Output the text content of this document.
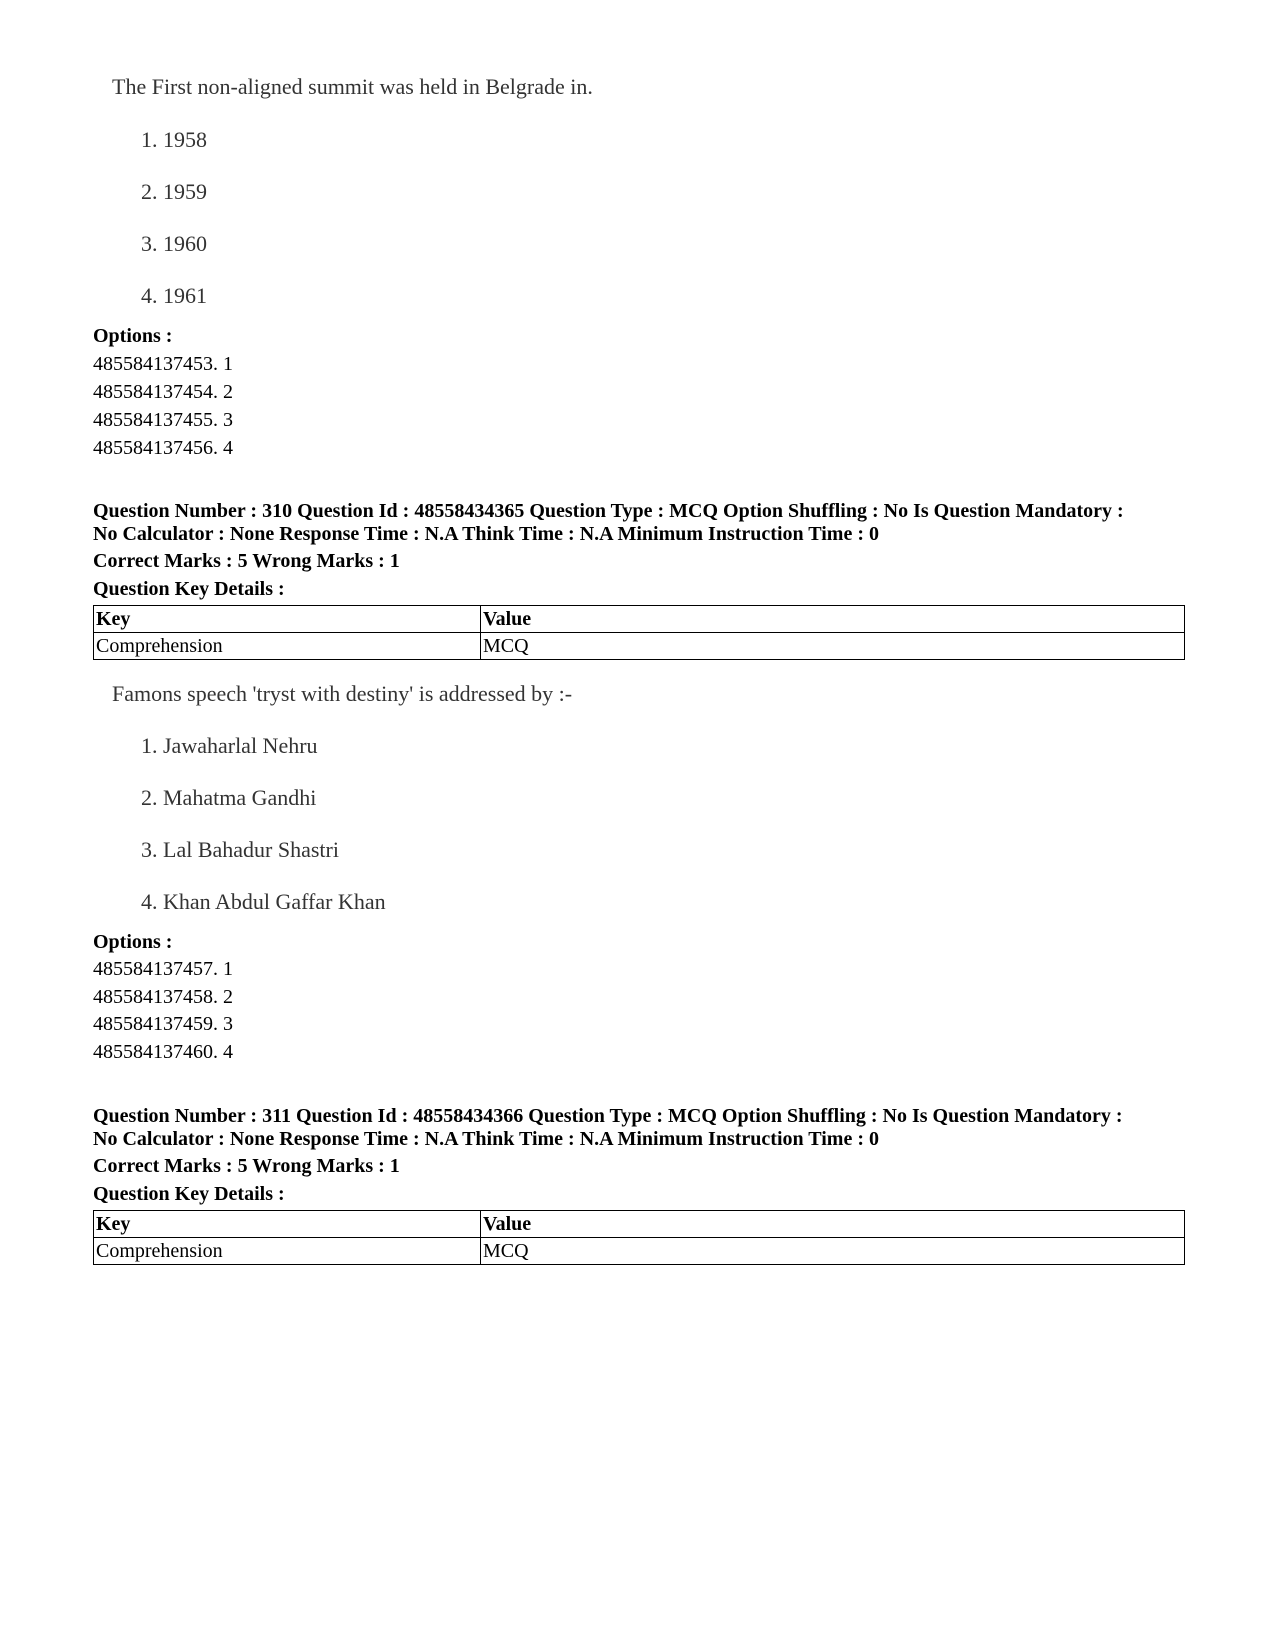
The First non-aligned summit was held in Belgrade in.
1. 1958
2. 1959
3. 1960
4. 1961
Options :
485584137453. 1
485584137454. 2
485584137455. 3
485584137456. 4
Question Number : 310 Question Id : 48558434365 Question Type : MCQ Option Shuffling : No Is Question Mandatory :
No Calculator : None Response Time : N.A Think Time : N.A Minimum Instruction Time : 0
Correct Marks : 5 Wrong Marks : 1
Question Key Details :
Key	Value
Comprehension	MCQ
Famons speech 'tryst with destiny' is addressed by :-
1. Jawaharlal Nehru
2. Mahatma Gandhi
3. Lal Bahadur Shastri
4. Khan Abdul Gaffar Khan
Options :
485584137457. 1
485584137458. 2
485584137459. 3
485584137460. 4
Question Number : 311 Question Id : 48558434366 Question Type : MCQ Option Shuffling : No Is Question Mandatory :
No Calculator : None Response Time : N.A Think Time : N.A Minimum Instruction Time : 0
Correct Marks : 5 Wrong Marks : 1
Question Key Details :
Key	Value
Comprehension	MCQ
